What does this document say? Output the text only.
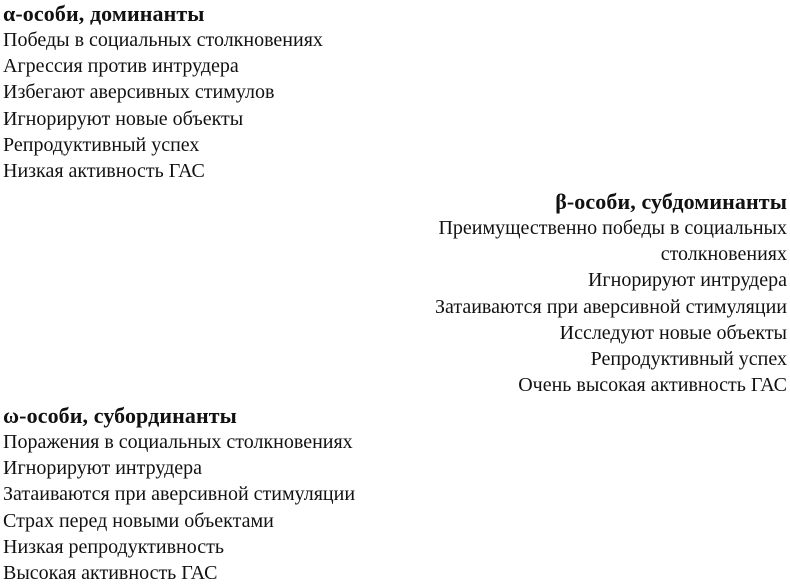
α-особи, доминанты

Победы в социальных столкновениях

Агрессия против интрудера

Избегают аверсивных стимулов

Игнорируют новые объекты

Репродуктивный успех

Низкая активность ГАС

β-особи, субдоминанты

Преимущественно победы в социальных

столкновениях

Игнорируют интрудера

Затаиваются при аверсивной стимуляции

Исследуют новые объекты

Репродуктивный успех

Очень высокая активность ГАС

ω-особи, субординанты

Поражения в социальных столкновениях

Игнорируют интрудера

Затаиваются при аверсивной стимуляции

Страх перед новыми объектами

Низкая репродуктивность

Высокая активность ГАС
